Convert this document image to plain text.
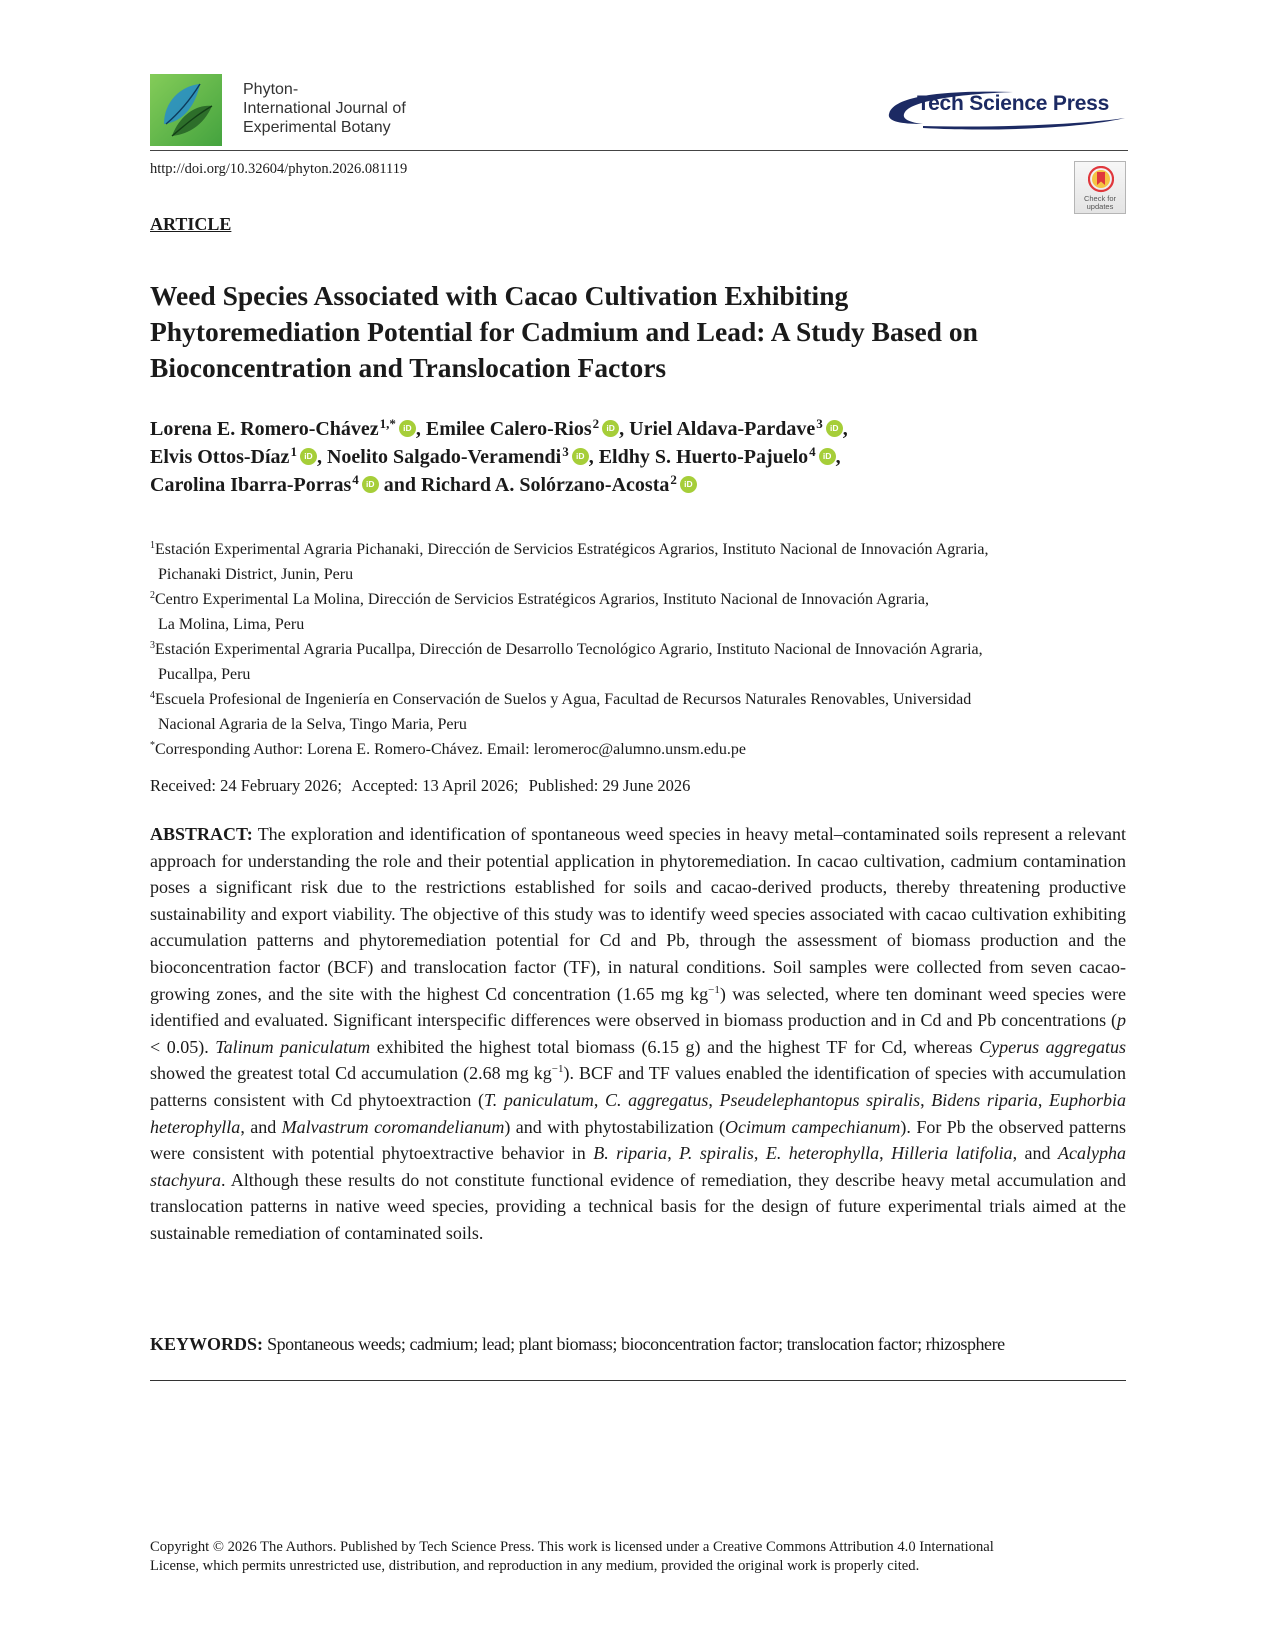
Phyton-
International Journal of
Experimental Botany
Tech Science Press
http://doi.org/10.32604/phyton.2026.081119
Check for
updates
ARTICLE
Weed Species Associated with Cacao Cultivation Exhibiting
Phytoremediation Potential for Cadmium and Lead: A Study Based on
Bioconcentration and Translocation Factors
Lorena E. Romero-Chávez$^{1,*}$ iD , Emilee Calero-Rios$^2$ iD , Uriel Aldava-Pardave$^3$ iD ,
Elvis Ottos-Díaz$^1$ iD , Noelito Salgado-Veramendi$^3$ iD , Eldhy S. Huerto-Pajuelo$^4$ iD ,
Carolina Ibarra-Porras$^4$iD and Richard A. Solórzano-Acosta$^2$iD
$^1$Estación Experimental Agraria Pichanaki, Dirección de Servicios Estratégicos Agrarios, Instituto Nacional de Innovación Agraria,
Pichanaki District, Junin, Peru
$^2$Centro Experimental La Molina, Dirección de Servicios Estratégicos Agrarios, Instituto Nacional de Innovación Agraria,
La Molina, Lima, Peru
$^3$Estación Experimental Agraria Pucallpa, Dirección de Desarrollo Tecnológico Agrario, Instituto Nacional de Innovación Agraria,
Pucallpa, Peru
$^4$Escuela Profesional de Ingeniería en Conservación de Suelos y Agua, Facultad de Recursos Naturales Renovables, Universidad
Nacional Agraria de la Selva, Tingo Maria, Peru
*Corresponding Author: Lorena E. Romero-Chávez. Email: leromeroc@alumno.unsm.edu.pe
Received: 24 February 2026; Accepted: 13 April 2026; Published: 29 June 2026

ABSTRACT: The exploration and identification of spontaneous weed species in heavy metal–contaminated soils represent a relevant approach for understanding the role and their potential application in phytoremediation. In cacao cultivation, cadmium contamination poses a significant risk due to the restrictions established for soils and cacao-derived products, thereby threatening productive sustainability and export viability. The objective of this study was to identify weed species associated with cacao cultivation exhibiting accumulation patterns and phytoremediation potential for Cd and Pb, through the assessment of biomass production and the bioconcentration factor (BCF) and translocation factor (TF), in natural conditions. Soil samples were collected from seven cacao-growing zones, and the site with the highest Cd concentration (1.65 mg $kg^{-1}$) was selected, where ten dominant weed species were identified and evaluated. Significant interspecific differences were observed in biomass production and in Cd and Pb concentrations (p < 0.05). Talinum paniculatum exhibited the highest total biomass (6.15 g) and the highest TF for Cd, whereas Cyperus aggregatus showed the greatest total Cd accumulation (2.68 mg $kg^{-1}$). BCF and TF values enabled the identification of species with accumulation patterns consistent with Cd phytoextraction (T. paniculatum, C. aggregatus, Pseudelephantopus spiralis, Bidens riparia, Euphorbia heterophylla, and Malvastrum coromandelianum) and with phytostabilization (Ocimum campechianum). For Pb the observed patterns were consistent with potential phytoextractive behavior in B. riparia, P. spiralis, E. heterophylla, Hilleria latifolia, and Acalypha stachyura. Although these results do not constitute functional evidence of remediation, they describe heavy metal accumulation and translocation patterns in native weed species, providing a technical basis for the design of future experimental trials aimed at the sustainable remediation of contaminated soils.

KEYWORDS: Spontaneous weeds; cadmium; lead; plant biomass; bioconcentration factor; translocation factor; rhizosphere
Copyright © 2026 The Authors. Published by Tech Science Press. This work is licensed under a Creative Commons Attribution 4.0 International
License, which permits unrestricted use, distribution, and reproduction in any medium, provided the original work is properly cited.
